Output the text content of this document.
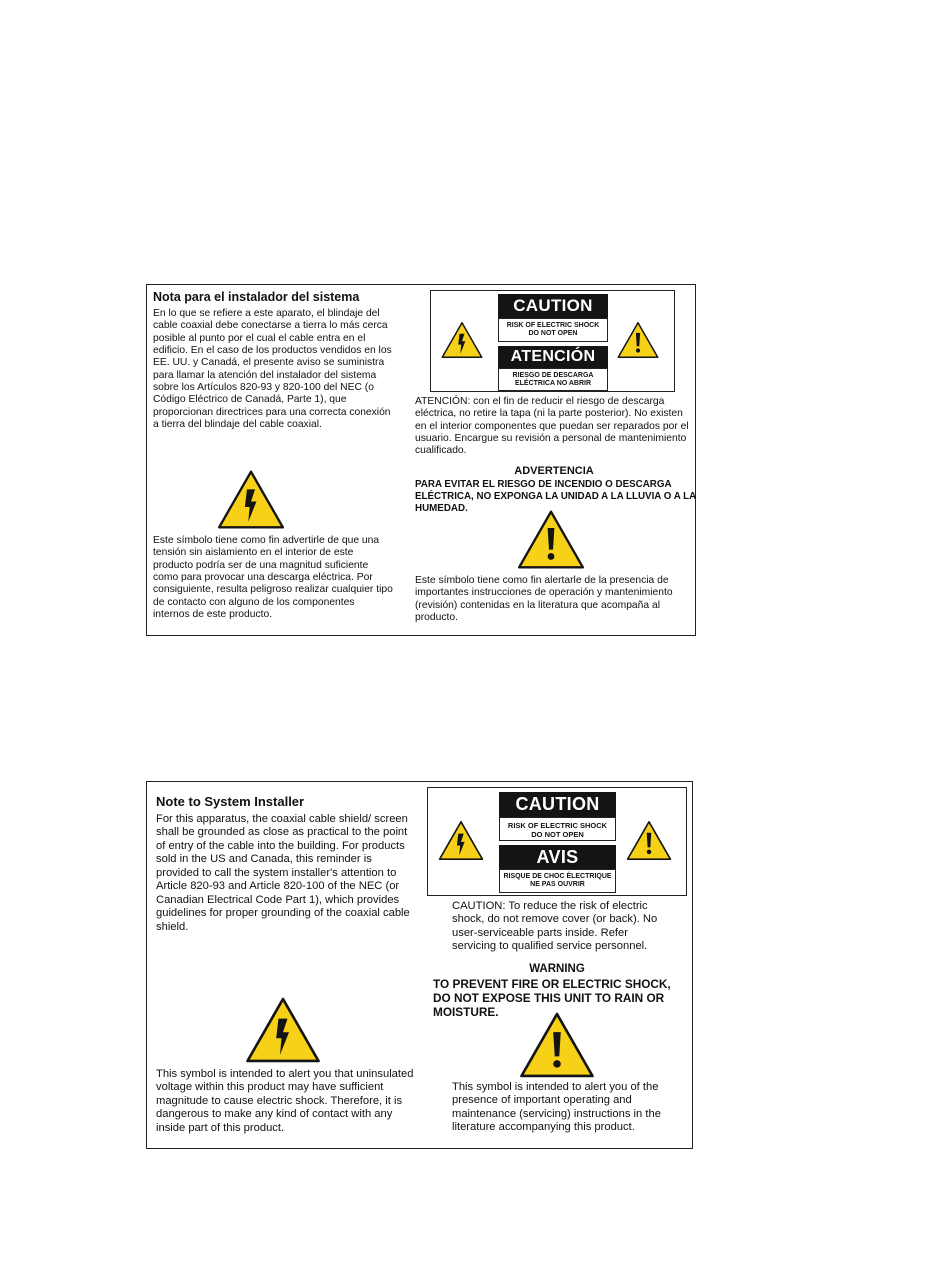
Nota para el instalador del sistema

En lo que se refiere a este aparato, el blindaje del cable coaxial debe conectarse a tierra lo más cerca posible al punto por el cual el cable entra en el edificio. En el caso de los productos vendidos en los EE. UU. y Canadá, el presente aviso se suministra para llamar la atención del instalador del sistema sobre los Artículos 820-93 y 820-100 del NEC (o Código Eléctrico de Canadá, Parte 1), que proporcionan directrices para una correcta conexión a tierra del blindaje del cable coaxial.

CAUTION
RISK OF ELECTRIC SHOCK
DO NOT OPEN
ATENCIÓN
RIESGO DE DESCARGA
ELÉCTRICA NO ABRIR

ATENCIÓN: con el fin de reducir el riesgo de descarga eléctrica, no retire la tapa (ni la parte posterior). No existen en el interior componentes que puedan ser reparados por el usuario. Encargue su revisión a personal de mantenimiento cualificado.

ADVERTENCIA

PARA EVITAR EL RIESGO DE INCENDIO O DESCARGA ELÉCTRICA, NO EXPONGA LA UNIDAD A LA LLUVIA O A LA HUMEDAD.

Este símbolo tiene como fin advertirle de que una tensión sin aislamiento en el interior de este producto podría ser de una magnitud suficiente como para provocar una descarga eléctrica. Por consiguiente, resulta peligroso realizar cualquier tipo de contacto con alguno de los componentes internos de este producto.

Este símbolo tiene como fin alertarle de la presencia de importantes instrucciones de operación y mantenimiento (revisión) contenidas en la literatura que acompaña al producto.

Note to System Installer

For this apparatus, the coaxial cable shield/ screen shall be grounded as close as practical to the point of entry of the cable into the building. For products sold in the US and Canada, this reminder is provided to call the system installer's attention to Article 820-93 and Article 820-100 of the NEC (or Canadian Electrical Code Part 1), which provides guidelines for proper grounding of the coaxial cable shield.

CAUTION
RISK OF ELECTRIC SHOCK
DO NOT OPEN
AVIS
RISQUE DE CHOC ÉLECTRIQUE
NE PAS OUVRIR

CAUTION: To reduce the risk of electric shock, do not remove cover (or back). No user-serviceable parts inside. Refer servicing to qualified service personnel.

WARNING

TO PREVENT FIRE OR ELECTRIC SHOCK, DO NOT EXPOSE THIS UNIT TO RAIN OR MOISTURE.

This symbol is intended to alert you that uninsulated voltage within this product may have sufficient magnitude to cause electric shock. Therefore, it is dangerous to make any kind of contact with any inside part of this product.

This symbol is intended to alert you of the presence of important operating and maintenance (servicing) instructions in the literature accompanying this product.
